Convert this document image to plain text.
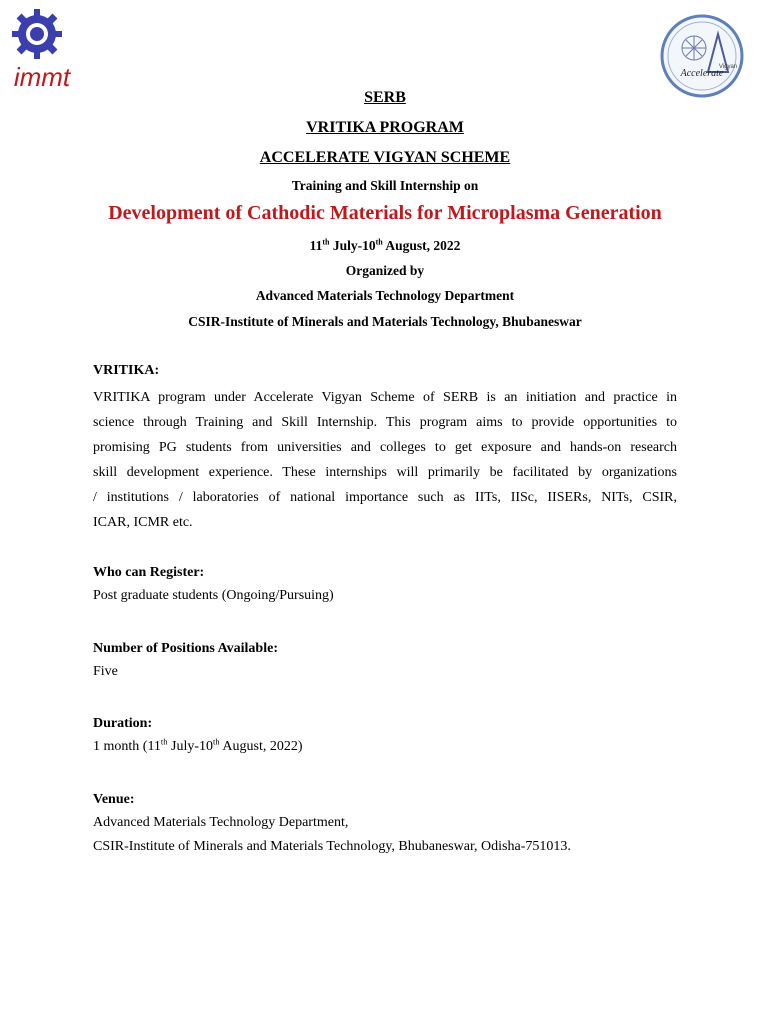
immt	Accelerate
Vigyan
SERB
VRITIKA PROGRAM
ACCELERATE VIGYAN SCHEME
Training and Skill Internship on
Development of Cathodic Materials for Microplasma Generation
11th July-10th August, 2022
Organized by
Advanced Materials Technology Department
CSIR-Institute of Minerals and Materials Technology, Bhubaneswar
VRITIKA:
VRITIKA program under Accelerate Vigyan Scheme of SERB is an initiation and practice in
science through Training and Skill Internship. This program aims to provide opportunities to
promising PG students from universities and colleges to get exposure and hands-on research
skill development experience. These internships will primarily be facilitated by organizations
/ institutions / laboratories of national importance such as IITs, IISc, IISERs, NITs, CSIR,
ICAR, ICMR etc.
Who can Register:
Post graduate students (Ongoing/Pursuing)
Number of Positions Available:
Five
Duration:
1 month (11th July-10th August, 2022)
Venue:
Advanced Materials Technology Department,
CSIR-Institute of Minerals and Materials Technology, Bhubaneswar, Odisha-751013.
